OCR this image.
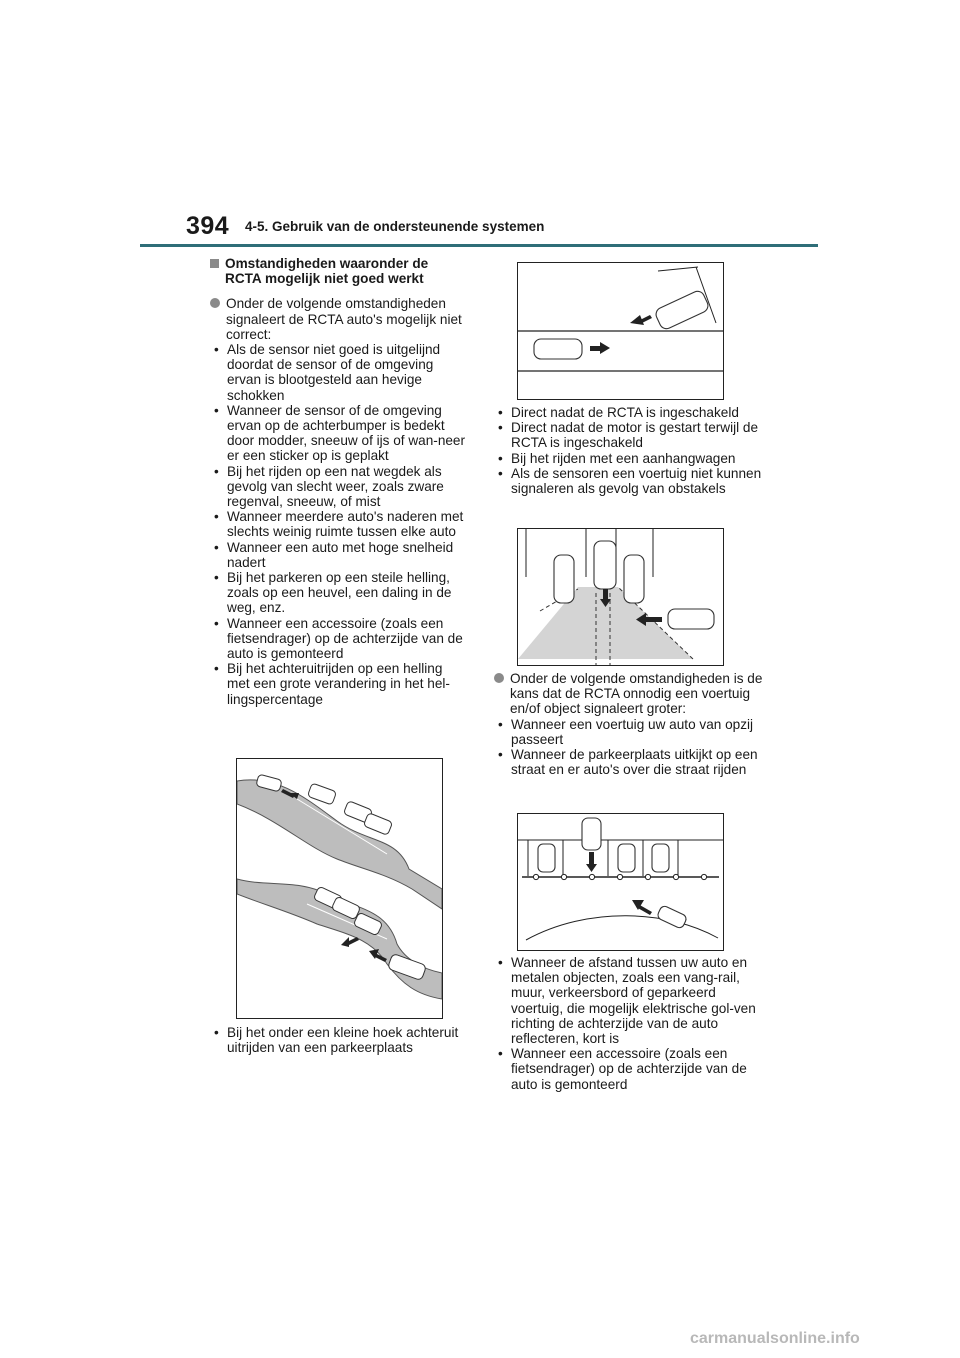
394 4-5. Gebruik van de ondersteunende systemen
Omstandigheden waaronder de RCTA mogelijk niet goed werkt
Onder de volgende omstandigheden signaleert de RCTA auto's mogelijk niet correct:
• Als de sensor niet goed is uitgelijnd doordat de sensor of de omgeving ervan is blootgesteld aan hevige schokken
• Wanneer de sensor of de omgeving ervan op de achterbumper is bedekt door modder, sneeuw of ijs of wan-neer er een sticker op is geplakt
• Bij het rijden op een nat wegdek als gevolg van slecht weer, zoals zware regenval, sneeuw, of mist
• Wanneer meerdere auto's naderen met slechts weinig ruimte tussen elke auto
• Wanneer een auto met hoge snelheid nadert
• Bij het parkeren op een steile helling, zoals op een heuvel, een daling in de weg, enz.
• Wanneer een accessoire (zoals een fietsendrager) op de achterzijde van de auto is gemonteerd
• Bij het achteruitrijden op een helling met een grote verandering in het hel-lingspercentage
• Bij het onder een kleine hoek achteruit uitrijden van een parkeerplaats
• Direct nadat de RCTA is ingeschakeld
• Direct nadat de motor is gestart terwijl de RCTA is ingeschakeld
• Bij het rijden met een aanhangwagen
• Als de sensoren een voertuig niet kunnen signaleren als gevolg van obstakels
Onder de volgende omstandigheden is de kans dat de RCTA onnodig een voertuig en/of object signaleert groter:
• Wanneer een voertuig uw auto van opzij passeert
• Wanneer de parkeerplaats uitkijkt op een straat en er auto's over die straat rijden
• Wanneer de afstand tussen uw auto en metalen objecten, zoals een vang-rail, muur, verkeersbord of geparkeerd voertuig, die mogelijk elektrische gol-ven richting de achterzijde van de auto reflecteren, kort is
• Wanneer een accessoire (zoals een fietsendrager) op de achterzijde van de auto is gemonteerd
carmanualsonline.info
